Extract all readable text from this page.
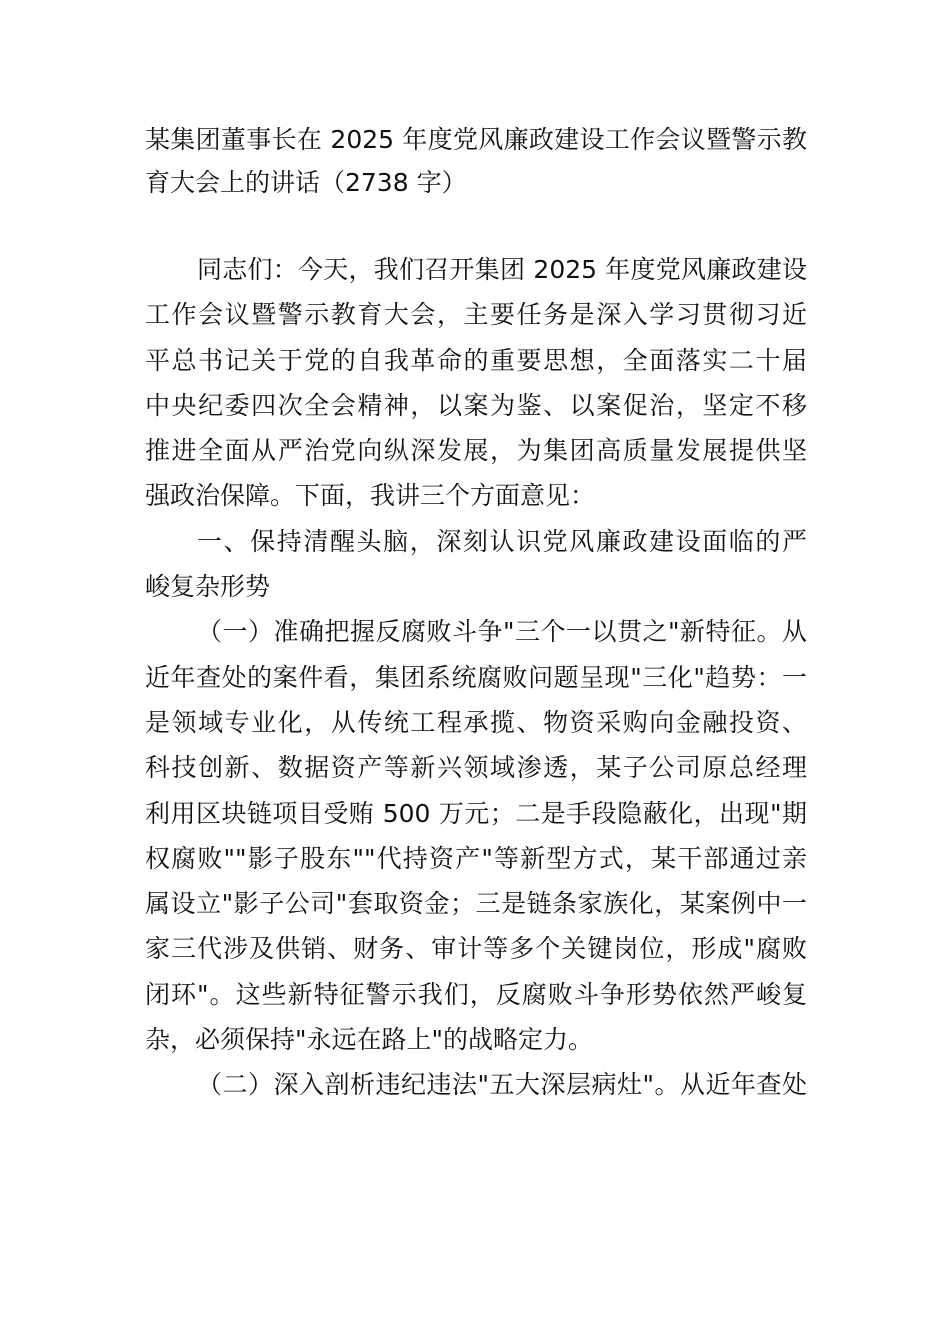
某集团董事长在 2025 年度党风廉政建设工作会议暨警示教
育大会上的讲话（2738 字）
同志们：今天，我们召开集团 2025 年度党风廉政建设
工作会议暨警示教育大会，主要任务是深入学习贯彻习近
平总书记关于党的自我革命的重要思想，全面落实二十届
中央纪委四次全会精神，以案为鉴、以案促治，坚定不移
推进全面从严治党向纵深发展，为集团高质量发展提供坚
强政治保障。下面，我讲三个方面意见：
一、保持清醒头脑，深刻认识党风廉政建设面临的严
峻复杂形势
（一）准确把握反腐败斗争"三个一以贯之"新特征。从
近年查处的案件看，集团系统腐败问题呈现"三化"趋势：一
是领域专业化，从传统工程承揽、物资采购向金融投资、
科技创新、数据资产等新兴领域渗透，某子公司原总经理
利用区块链项目受贿 500 万元；二是手段隐蔽化，出现"期
权腐败""影子股东""代持资产"等新型方式，某干部通过亲
属设立"影子公司"套取资金；三是链条家族化，某案例中一
家三代涉及供销、财务、审计等多个关键岗位，形成"腐败
闭环"。这些新特征警示我们，反腐败斗争形势依然严峻复
杂，必须保持"永远在路上"的战略定力。
（二）深入剖析违纪违法"五大深层病灶"。从近年查处
